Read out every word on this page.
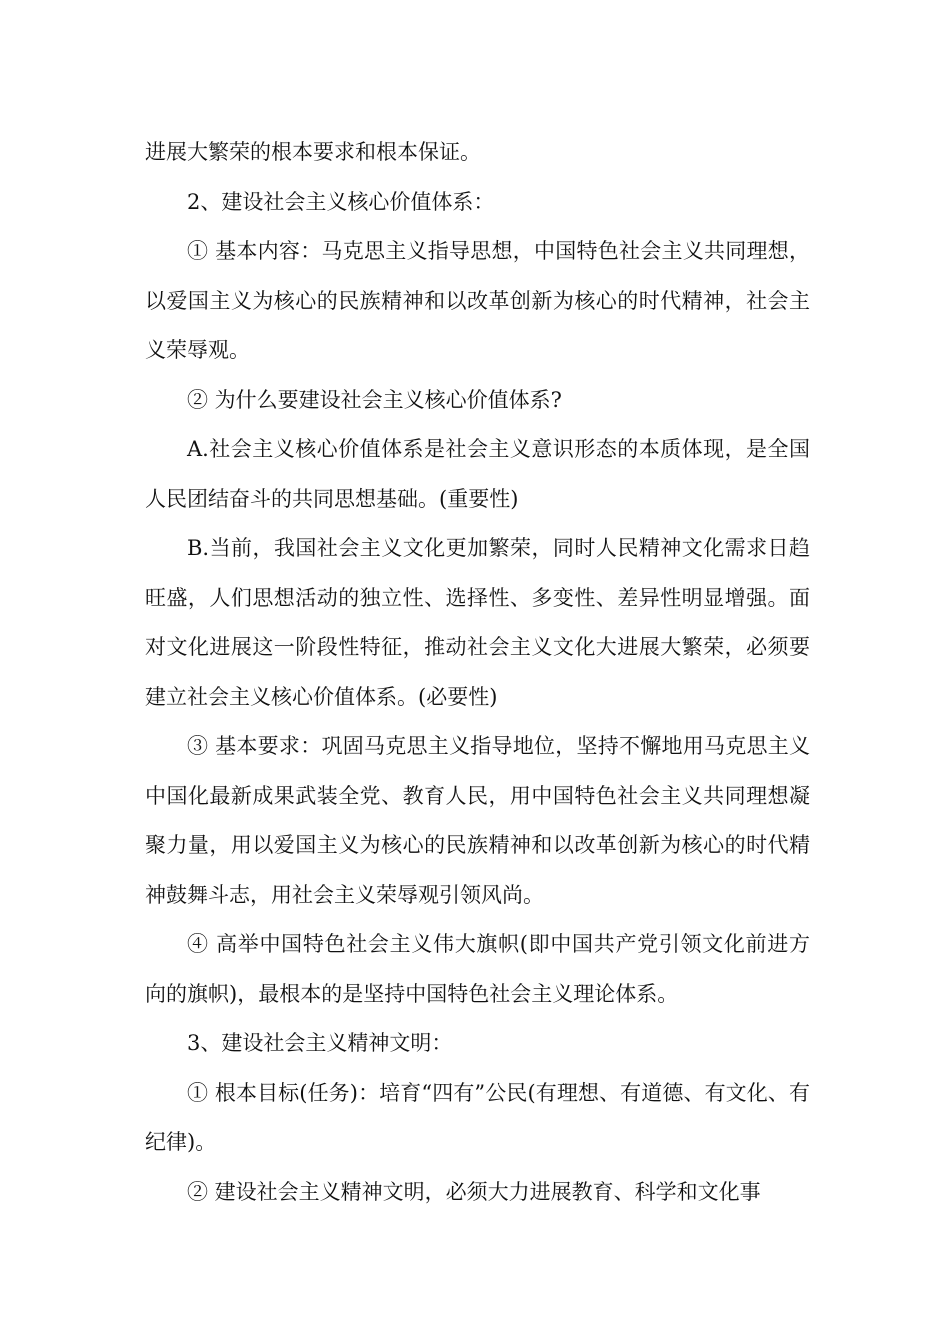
进展大繁荣的根本要求和根本保证。

2、建设社会主义核心价值体系：

① 基本内容：马克思主义指导思想，中国特色社会主义共同理想，以爱国主义为核心的民族精神和以改革创新为核心的时代精神，社会主义荣辱观。

② 为什么要建设社会主义核心价值体系?

A.社会主义核心价值体系是社会主义意识形态的本质体现，是全国人民团结奋斗的共同思想基础。(重要性)

B.当前，我国社会主义文化更加繁荣，同时人民精神文化需求日趋旺盛，人们思想活动的独立性、选择性、多变性、差异性明显增强。面对文化进展这一阶段性特征，推动社会主义文化大进展大繁荣，必须要建立社会主义核心价值体系。(必要性)

③ 基本要求：巩固马克思主义指导地位，坚持不懈地用马克思主义中国化最新成果武装全党、教育人民，用中国特色社会主义共同理想凝聚力量，用以爱国主义为核心的民族精神和以改革创新为核心的时代精神鼓舞斗志，用社会主义荣辱观引领风尚。

④ 高举中国特色社会主义伟大旗帜(即中国共产党引领文化前进方向的旗帜)，最根本的是坚持中国特色社会主义理论体系。

3、建设社会主义精神文明：

① 根本目标(任务)：培育“四有”公民(有理想、有道德、有文化、有纪律)。

② 建设社会主义精神文明，必须大力进展教育、科学和文化事
